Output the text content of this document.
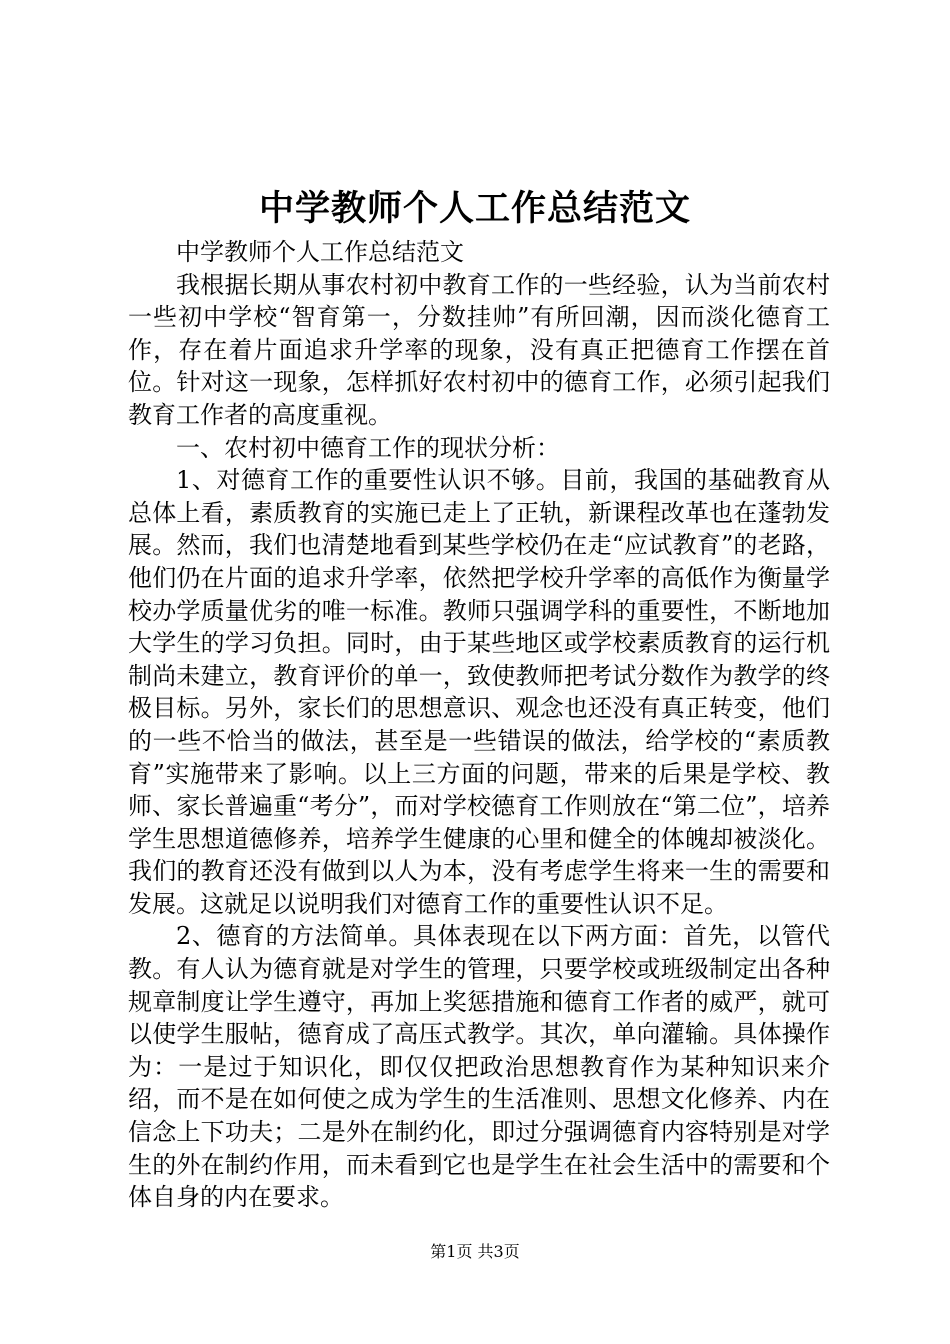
中学教师个人工作总结范文

中学教师个人工作总结范文

我根据长期从事农村初中教育工作的一些经验，认为当前农村一些初中学校“智育第一，分数挂帅”有所回潮，因而淡化德育工作，存在着片面追求升学率的现象，没有真正把德育工作摆在首位。针对这一现象，怎样抓好农村初中的德育工作，必须引起我们教育工作者的高度重视。

一、农村初中德育工作的现状分析：

1、对德育工作的重要性认识不够。目前，我国的基础教育从总体上看，素质教育的实施已走上了正轨，新课程改革也在蓬勃发展。然而，我们也清楚地看到某些学校仍在走“应试教育”的老路，他们仍在片面的追求升学率，依然把学校升学率的高低作为衡量学校办学质量优劣的唯一标准。教师只强调学科的重要性，不断地加大学生的学习负担。同时，由于某些地区或学校素质教育的运行机制尚未建立，教育评价的单一，致使教师把考试分数作为教学的终极目标。另外，家长们的思想意识、观念也还没有真正转变，他们的一些不恰当的做法，甚至是一些错误的做法，给学校的“素质教育”实施带来了影响。以上三方面的问题，带来的后果是学校、教师、家长普遍重“考分”，而对学校德育工作则放在“第二位”，培养学生思想道德修养，培养学生健康的心里和健全的体魄却被淡化。我们的教育还没有做到以人为本，没有考虑学生将来一生的需要和发展。这就足以说明我们对德育工作的重要性认识不足。

2、德育的方法简单。具体表现在以下两方面：首先，以管代教。有人认为德育就是对学生的管理，只要学校或班级制定出各种规章制度让学生遵守，再加上奖惩措施和德育工作者的威严，就可以使学生服帖，德育成了高压式教学。其次，单向灌输。具体操作为：一是过于知识化，即仅仅把政治思想教育作为某种知识来介绍，而不是在如何使之成为学生的生活准则、思想文化修养、内在信念上下功夫；二是外在制约化，即过分强调德育内容特别是对学生的外在制约作用，而未看到它也是学生在社会生活中的需要和个体自身的内在要求。

第1页 共3页
